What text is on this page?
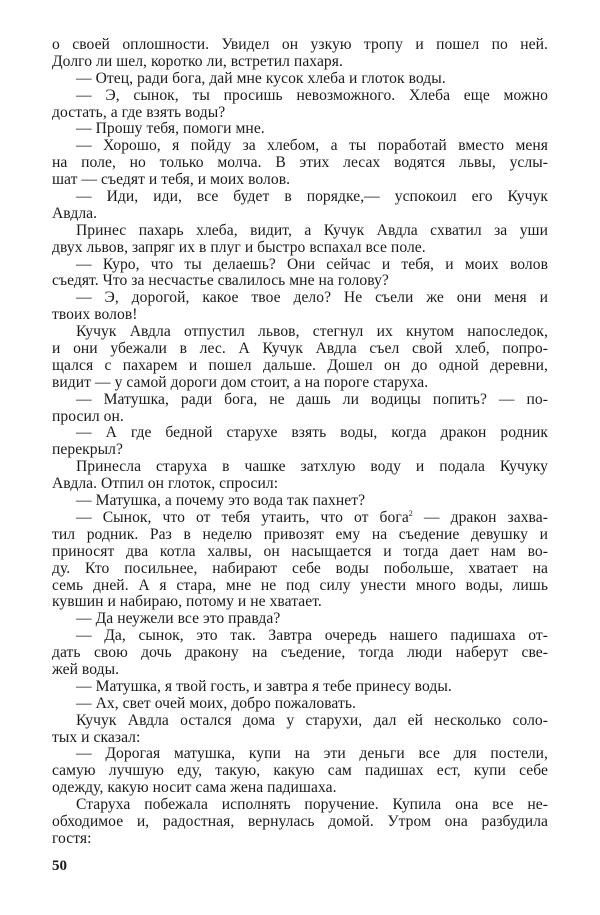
о своей оплошности. Увидел он узкую тропу и пошел по ней.
Долго ли шел, коротко ли, встретил пахаря.
— Отец, ради бога, дай мне кусок хлеба и глоток воды.
— Э, сынок, ты просишь невозможного. Хлеба еще можно
достать, а где взять воды?
— Прошу тебя, помоги мне.
— Хорошо, я пойду за хлебом, а ты поработай вместо меня
на поле, но только молча. В этих лесах водятся львы, услы-
шат — съедят и тебя, и моих волов.
— Иди, иди, все будет в порядке,— успокоил его Кучук
Авдла.
Принес пахарь хлеба, видит, а Кучук Авдла схватил за уши
двух львов, запряг их в плуг и быстро вспахал все поле.
— Куро, что ты делаешь? Они сейчас и тебя, и моих волов
съедят. Что за несчастье свалилось мне на голову?
— Э, дорогой, какое твое дело? Не съели же они меня и
твоих волов!
Кучук Авдла отпустил львов, стегнул их кнутом напоследок,
и они убежали в лес. А Кучук Авдла съел свой хлеб, попро-
щался с пахарем и пошел дальше. Дошел он до одной деревни,
видит — у самой дороги дом стоит, а на пороге старуха.
— Матушка, ради бога, не дашь ли водицы попить? — по-
просил он.
— А где бедной старухе взять воды, когда дракон родник
перекрыл?
Принесла старуха в чашке затхлую воду и подала Кучуку
Авдла. Отпил он глоток, спросил:
— Матушка, а почему это вода так пахнет?
— Сынок, что от тебя утаить, что от бога$^2$ — дракон захва-
тил родник. Раз в неделю привозят ему на съедение девушку и
приносят два котла халвы, он насыщается и тогда дает нам во-
ду. Кто посильнее, набирают себе воды побольше, хватает на
семь дней. А я стара, мне не под силу унести много воды, лишь
кувшин и набираю, потому и не хватает.
— Да неужели все это правда?
— Да, сынок, это так. Завтра очередь нашего падишаха от-
дать свою дочь дракону на съедение, тогда люди наберут све-
жей воды.
— Матушка, я твой гость, и завтра я тебе принесу воды.
— Ах, свет очей моих, добро пожаловать.
Кучук Авдла остался дома у старухи, дал ей несколько соло-
тых и сказал:
— Дорогая матушка, купи на эти деньги все для постели,
самую лучшую еду, такую, какую сам падишах ест, купи себе
одежду, какую носит сама жена падишаха.
Старуха побежала исполнять поручение. Купила она все не-
обходимое и, радостная, вернулась домой. Утром она разбудила
гостя:
50
